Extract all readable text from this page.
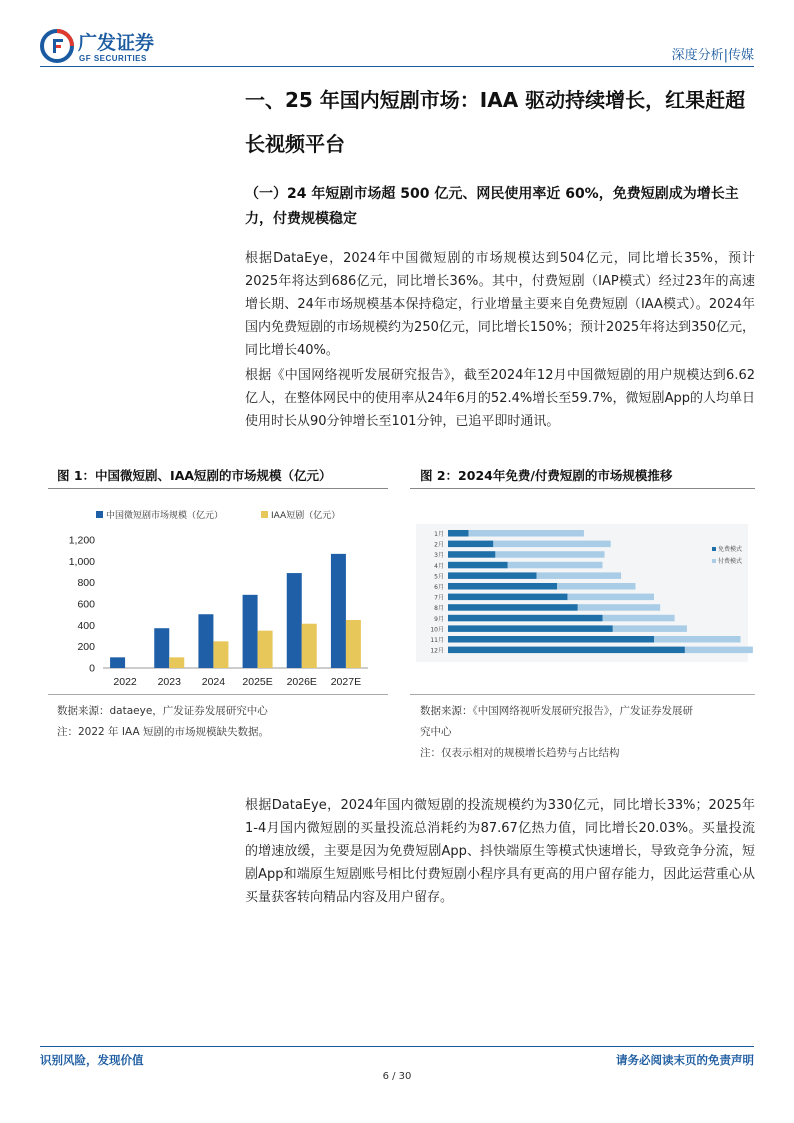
广发证券
GF SECURITIES	深度分析|传媒
一、25 年国内短剧市场：IAA 驱动持续增长，红果赶超长视频平台
（一）24 年短剧市场超 500 亿元、网民使用率近 60%，免费短剧成为增长主力，付费规模稳定
根据DataEye，2024年中国微短剧的市场规模达到504亿元，同比增长35%，预计2025年将达到686亿元，同比增长36%。其中，付费短剧（IAP模式）经过23年的高速增长期、24年市场规模基本保持稳定，行业增量主要来自免费短剧（IAA模式）。2024年国内免费短剧的市场规模约为250亿元，同比增长150%；预计2025年将达到350亿元，同比增长40%。
根据《中国网络视听发展研究报告》，截至2024年12月中国微短剧的用户规模达到6.62亿人，在整体网民中的使用率从24年6月的52.4%增长至59.7%，微短剧App的人均单日使用时长从90分钟增长至101分钟，已追平即时通讯。
图 1：中国微短剧、IAA短剧的市场规模（亿元）
中国微短剧市场规模（亿元）	IAA短剧（亿元）
0
200
400
600
800
1,000
1,200
2022 2023 2024 2025E 2026E 2027E
数据来源：dataeye，广发证券发展研究中心
注：2022 年 IAA 短剧的市场规模缺失数据。
图 2：2024年免费/付费短剧的市场规模推移
1月
2月
3月
4月
5月
6月
7月
8月
9月
10月
11月
12月
免费模式
付费模式
数据来源：《中国网络视听发展研究报告》，广发证券发展研
究中心
注：仅表示相对的规模增长趋势与占比结构
根据DataEye，2024年国内微短剧的投流规模约为330亿元，同比增长33%；2025年1-4月国内微短剧的买量投流总消耗约为87.67亿热力值，同比增长20.03%。买量投流的增速放缓，主要是因为免费短剧App、抖快端原生等模式快速增长，导致竞争分流，短剧App和端原生短剧账号相比付费短剧小程序具有更高的用户留存能力，因此运营重心从买量获客转向精品内容及用户留存。
识别风险，发现价值	请务必阅读末页的免责声明
6 / 30
